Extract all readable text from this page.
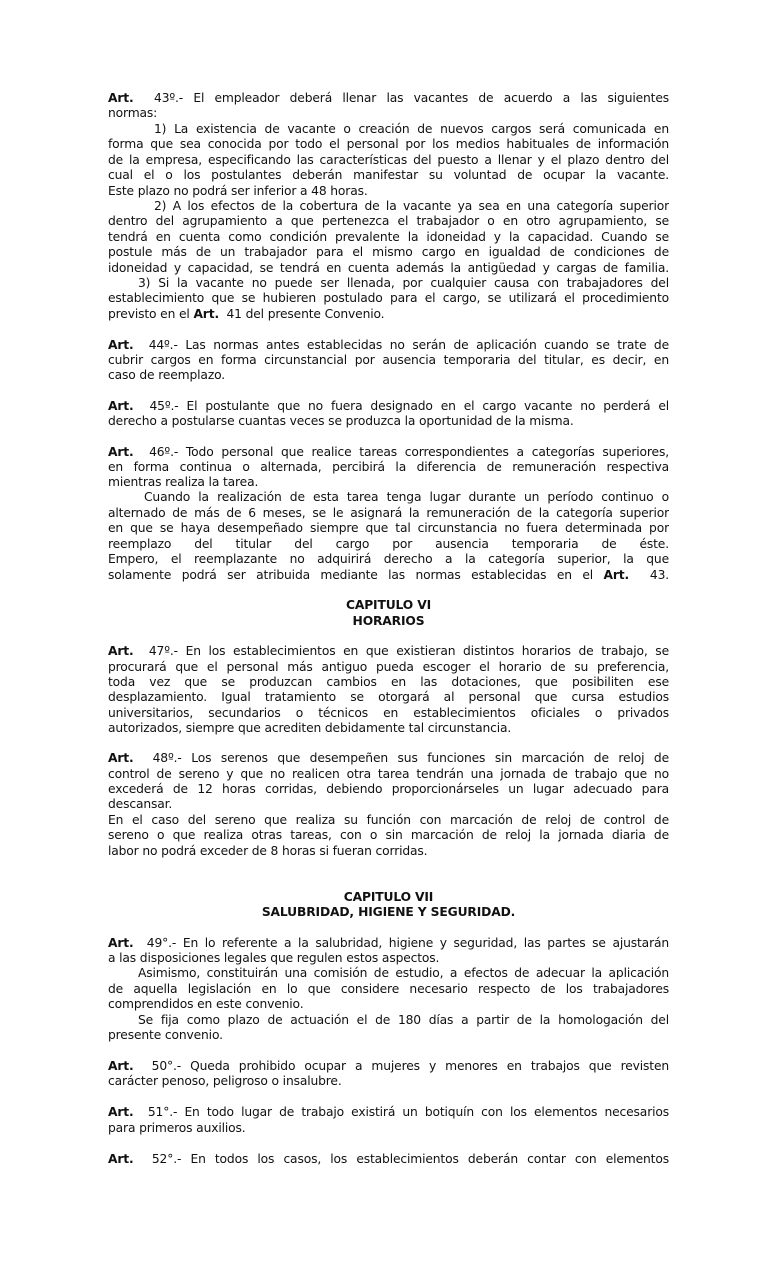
Art. 43º.- El empleador deberá llenar las vacantes de acuerdo a las siguientes
normas:
1) La existencia de vacante o creación de nuevos cargos será comunicada en
forma que sea conocida por todo el personal por los medios habituales de información
de la empresa, especificando las características del puesto a llenar y el plazo dentro del
cual el o los postulantes deberán manifestar su voluntad de ocupar la vacante.
Este plazo no podrá ser inferior a 48 horas.
2) A los efectos de la cobertura de la vacante ya sea en una categoría superior
dentro del agrupamiento a que pertenezca el trabajador o en otro agrupamiento, se
tendrá en cuenta como condición prevalente la idoneidad y la capacidad. Cuando se
postule más de un trabajador para el mismo cargo en igualdad de condiciones de
idoneidad y capacidad, se tendrá en cuenta además la antigüedad y cargas de familia.
3) Si la vacante no puede ser llenada, por cualquier causa con trabajadores del
establecimiento que se hubieren postulado para el cargo, se utilizará el procedimiento
previsto en el Art. 41 del presente Convenio.
Art. 44º.- Las normas antes establecidas no serán de aplicación cuando se trate de
cubrir cargos en forma circunstancial por ausencia temporaria del titular, es decir, en
caso de reemplazo.
Art. 45º.- El postulante que no fuera designado en el cargo vacante no perderá el
derecho a postularse cuantas veces se produzca la oportunidad de la misma.
Art. 46º.- Todo personal que realice tareas correspondientes a categorías superiores,
en forma continua o alternada, percibirá la diferencia de remuneración respectiva
mientras realiza la tarea.
Cuando la realización de esta tarea tenga lugar durante un período continuo o
alternado de más de 6 meses, se le asignará la remuneración de la categoría superior
en que se haya desempeñado siempre que tal circunstancia no fuera determinada por
reemplazo del titular del cargo por ausencia temporaria de éste.
Empero, el reemplazante no adquirirá derecho a la categoría superior, la que
solamente podrá ser atribuida mediante las normas establecidas en el Art. 43.
CAPITULO VI
HORARIOS
Art. 47º.- En los establecimientos en que existieran distintos horarios de trabajo, se
procurará que el personal más antiguo pueda escoger el horario de su preferencia,
toda vez que se produzcan cambios en las dotaciones, que posibiliten ese
desplazamiento. Igual tratamiento se otorgará al personal que cursa estudios
universitarios, secundarios o técnicos en establecimientos oficiales o privados
autorizados, siempre que acrediten debidamente tal circunstancia.
Art. 48º.- Los serenos que desempeñen sus funciones sin marcación de reloj de
control de sereno y que no realicen otra tarea tendrán una jornada de trabajo que no
excederá de 12 horas corridas, debiendo proporcionárseles un lugar adecuado para
descansar.
En el caso del sereno que realiza su función con marcación de reloj de control de
sereno o que realiza otras tareas, con o sin marcación de reloj la jornada diaria de
labor no podrá exceder de 8 horas si fueran corridas.
CAPITULO VII
SALUBRIDAD, HIGIENE Y SEGURIDAD.
Art. 49°.- En lo referente a la salubridad, higiene y seguridad, las partes se ajustarán
a las disposiciones legales que regulen estos aspectos.
Asimismo, constituirán una comisión de estudio, a efectos de adecuar la aplicación
de aquella legislación en lo que considere necesario respecto de los trabajadores
comprendidos en este convenio.
Se fija como plazo de actuación el de 180 días a partir de la homologación del
presente convenio.
Art. 50°.- Queda prohibido ocupar a mujeres y menores en trabajos que revisten
carácter penoso, peligroso o insalubre.
Art. 51°.- En todo lugar de trabajo existirá un botiquín con los elementos necesarios
para primeros auxilios.
Art. 52°.- En todos los casos, los establecimientos deberán contar con elementos
